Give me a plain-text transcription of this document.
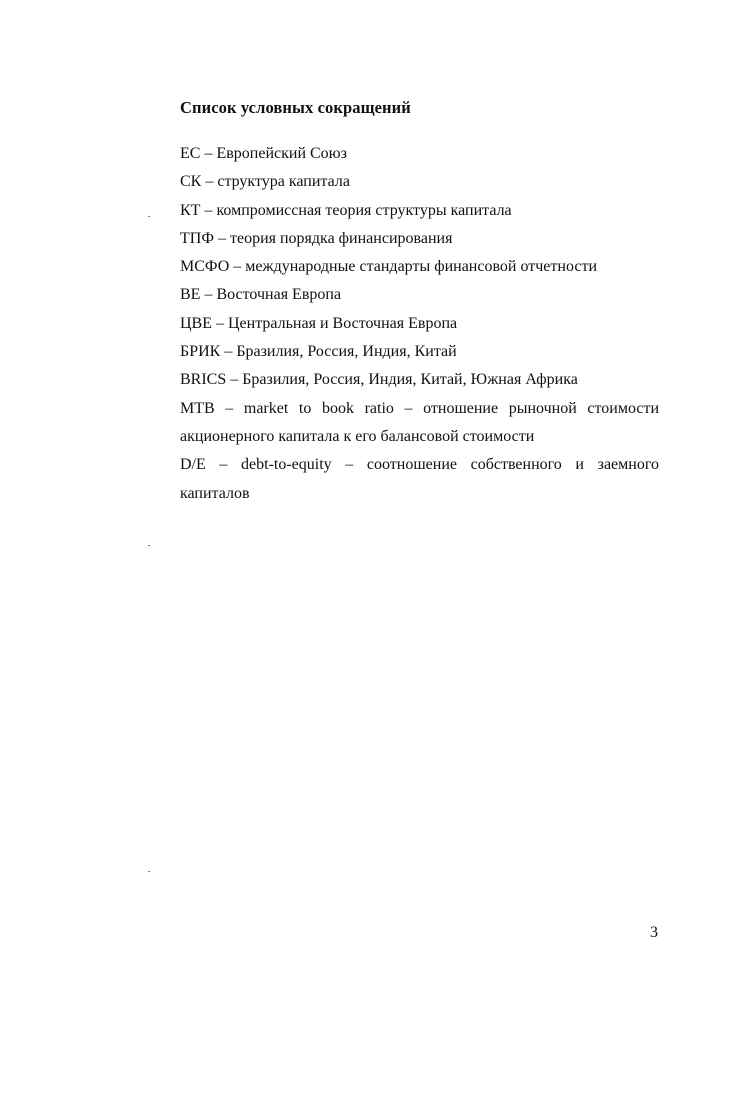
Список условных сокращений
ЕС – Европейский Союз
СК – структура капитала
КТ – компромиссная теория структуры капитала
ТПФ – теория порядка финансирования
МСФО – международные стандарты финансовой отчетности
ВЕ – Восточная Европа
ЦВЕ – Центральная и Восточная Европа
БРИК – Бразилия, Россия, Индия, Китай
BRICS – Бразилия, Россия, Индия, Китай, Южная Африка
MTB – market to book ratio – отношение рыночной стоимости акционерного капитала к его балансовой стоимости
D/E – debt-to-equity – соотношение собственного и заемного капиталов
3
